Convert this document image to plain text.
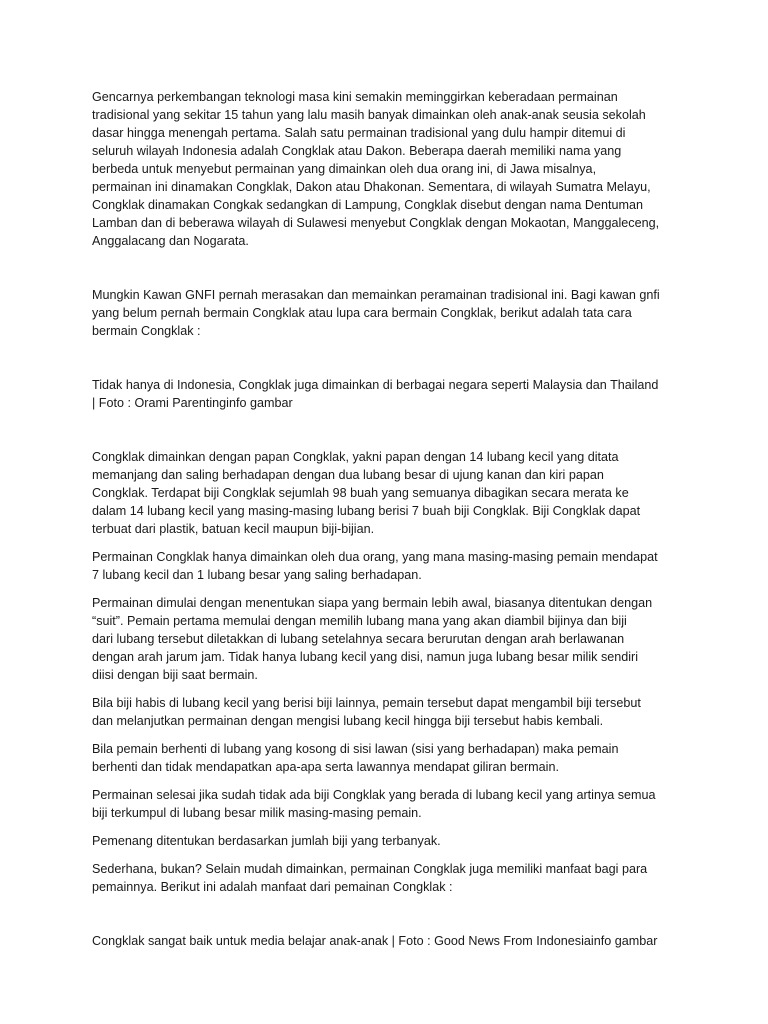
Gencarnya perkembangan teknologi masa kini semakin meminggirkan keberadaan permainan
tradisional yang sekitar 15 tahun yang lalu masih banyak dimainkan oleh anak-anak seusia sekolah
dasar hingga menengah pertama. Salah satu permainan tradisional yang dulu hampir ditemui di
seluruh wilayah Indonesia adalah Congklak atau Dakon. Beberapa daerah memiliki nama yang
berbeda untuk menyebut permainan yang dimainkan oleh dua orang ini, di Jawa misalnya,
permainan ini dinamakan Congklak, Dakon atau Dhakonan. Sementara, di wilayah Sumatra Melayu,
Congklak dinamakan Congkak sedangkan di Lampung, Congklak disebut dengan nama Dentuman
Lamban dan di beberawa wilayah di Sulawesi menyebut Congklak dengan Mokaotan, Manggaleceng,
Anggalacang dan Nogarata.

Mungkin Kawan GNFI pernah merasakan dan memainkan peramainan tradisional ini. Bagi kawan gnfi
yang belum pernah bermain Congklak atau lupa cara bermain Congklak, berikut adalah tata cara
bermain Congklak :

Tidak hanya di Indonesia, Congklak juga dimainkan di berbagai negara seperti Malaysia dan Thailand
| Foto : Orami Parentinginfo gambar

Congklak dimainkan dengan papan Congklak, yakni papan dengan 14 lubang kecil yang ditata
memanjang dan saling berhadapan dengan dua lubang besar di ujung kanan dan kiri papan
Congklak. Terdapat biji Congklak sejumlah 98 buah yang semuanya dibagikan secara merata ke
dalam 14 lubang kecil yang masing-masing lubang berisi 7 buah biji Congklak. Biji Congklak dapat
terbuat dari plastik, batuan kecil maupun biji-bijian.

Permainan Congklak hanya dimainkan oleh dua orang, yang mana masing-masing pemain mendapat
7 lubang kecil dan 1 lubang besar yang saling berhadapan.

Permainan dimulai dengan menentukan siapa yang bermain lebih awal, biasanya ditentukan dengan
“suit”. Pemain pertama memulai dengan memilih lubang mana yang akan diambil bijinya dan biji
dari lubang tersebut diletakkan di lubang setelahnya secara berurutan dengan arah berlawanan
dengan arah jarum jam. Tidak hanya lubang kecil yang disi, namun juga lubang besar milik sendiri
diisi dengan biji saat bermain.

Bila biji habis di lubang kecil yang berisi biji lainnya, pemain tersebut dapat mengambil biji tersebut
dan melanjutkan permainan dengan mengisi lubang kecil hingga biji tersebut habis kembali.

Bila pemain berhenti di lubang yang kosong di sisi lawan (sisi yang berhadapan) maka pemain
berhenti dan tidak mendapatkan apa-apa serta lawannya mendapat giliran bermain.

Permainan selesai jika sudah tidak ada biji Congklak yang berada di lubang kecil yang artinya semua
biji terkumpul di lubang besar milik masing-masing pemain.

Pemenang ditentukan berdasarkan jumlah biji yang terbanyak.

Sederhana, bukan? Selain mudah dimainkan, permainan Congklak juga memiliki manfaat bagi para
pemainnya. Berikut ini adalah manfaat dari pemainan Congklak :

Congklak sangat baik untuk media belajar anak-anak | Foto : Good News From Indonesiainfo gambar
